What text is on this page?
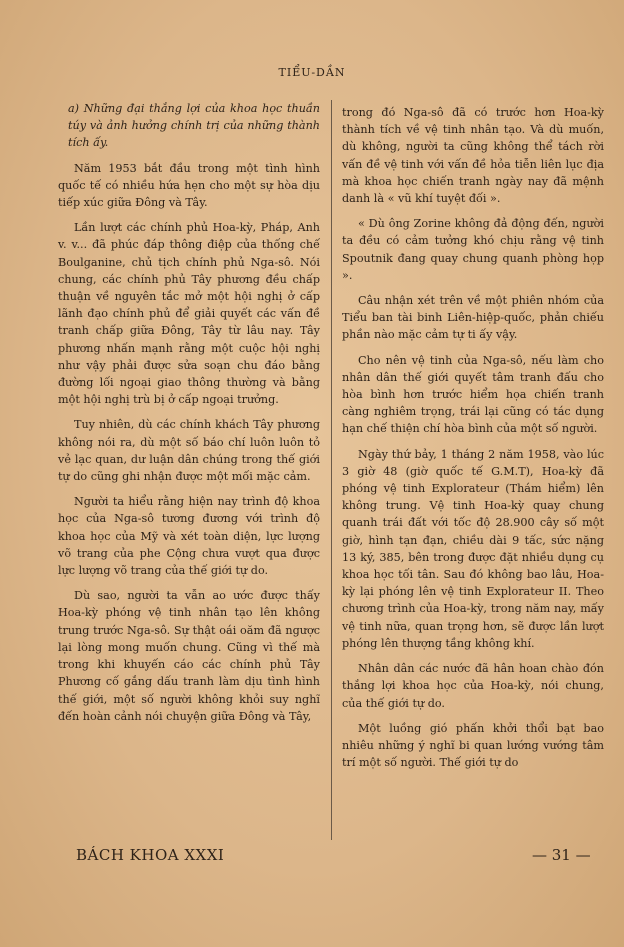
TIỂU-DẦN

a) Những đại thắng lợi của khoa học thuần túy và ảnh hưởng chính trị của những thành tích ấy.

Năm 1953 bắt đầu trong một tình hình quốc tế có nhiều hứa hẹn cho một sự hòa dịu tiếp xúc giữa Đông và Tây.

Lần lượt các chính phủ Hoa-kỳ, Pháp, Anh v. v... đã phúc đáp thông điệp của thống chế Boulganine, chủ tịch chính phủ Nga-sô. Nói chung, các chính phủ Tây phương đều chấp thuận về nguyên tắc mở một hội nghị ở cấp lãnh đạo chính phủ để giải quyết các vấn đề tranh chấp giữa Đông, Tây từ lâu nay. Tây phương nhấn mạnh rằng một cuộc hội nghị như vậy phải được sửa soạn chu đáo bằng đường lối ngoại giao thông thường và bằng một hội nghị trù bị ở cấp ngoại trưởng.

Tuy nhiên, dù các chính khách Tây phương không nói ra, dù một số báo chí luôn luôn tỏ vẻ lạc quan, dư luận dân chúng trong thế giới tự do cũng ghi nhận được một mối mặc cảm.

Người ta hiểu rằng hiện nay trình độ khoa học của Nga-sô tương đương với trình độ khoa học của Mỹ và xét toàn diện, lực lượng võ trang của phe Cộng chưa vượt qua được lực lượng võ trang của thế giới tự do.

Dù sao, người ta vẫn ao ước được thấy Hoa-kỳ phóng vệ tinh nhân tạo lên không trung trước Nga-sô. Sự thật oái oăm đã ngược lại lòng mong muốn chung. Cũng vì thế mà trong khi khuyến cáo các chính phủ Tây Phương cố gắng dấu tranh làm dịu tình hình thế giới, một số người không khỏi suy nghĩ đến hoàn cảnh nói chuyện giữa Đông và Tây,

trong đó Nga-sô đã có trước hơn Hoa-kỳ thành tích về vệ tinh nhân tạo. Và dù muốn, dù không, người ta cũng không thể tách rời vấn đề vệ tinh với vấn đề hỏa tiễn liên lục địa mà khoa học chiến tranh ngày nay đã mệnh danh là « vũ khí tuyệt đối ».

« Dù ông Zorine không đả động đến, người ta đều có cảm tưởng khó chịu rằng vệ tinh Spoutnik đang quay chung quanh phòng họp ».

Câu nhận xét trên về một phiên nhóm của Tiểu ban tài binh Liên-hiệp-quốc, phản chiếu phần nào mặc cảm tự ti ấy vậy.

Cho nên vệ tinh của Nga-sô, nếu làm cho nhân dân thế giới quyết tâm tranh đấu cho hòa bình hơn trước hiểm họa chiến tranh càng nghiêm trọng, trái lại cũng có tác dụng hạn chế thiện chí hòa bình của một số người.

Ngày thứ bảy, 1 tháng 2 năm 1958, vào lúc 3 giờ 48 (giờ quốc tế G.M.T), Hoa-kỳ đã phóng vệ tinh Explorateur (Thám hiểm) lên không trung. Vệ tinh Hoa-kỳ quay chung quanh trái đất với tốc độ 28.900 cây số một giờ, hình tạn đạn, chiều dài 9 tấc, sức nặng 13 ký, 385, bên trong được đặt nhiều dụng cụ khoa học tối tân. Sau đó không bao lâu, Hoa-kỳ lại phóng lên vệ tinh Explorateur II. Theo chương trình của Hoa-kỳ, trong năm nay, mấy vệ tinh nữa, quan trọng hơn, sẽ được lần lượt phóng lên thượng tầng không khí.

Nhân dân các nước đã hân hoan chào đón thắng lợi khoa học của Hoa-kỳ, nói chung, của thế giới tự do.

Một luồng gió phấn khởi thổi bạt bao nhiêu những ý nghĩ bi quan lướng vướng tâm trí một số người. Thế giới tự do

BÁCH KHOA XXXI	— 31 —
